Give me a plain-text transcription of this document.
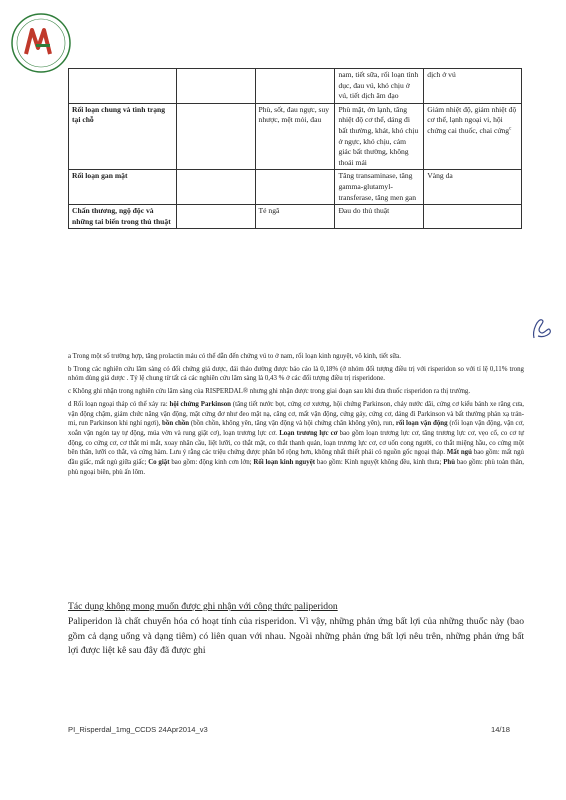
			nam, tiết sữa, rối loạn tình dục, đau vú, khó chịu ở vú, tiết dịch âm đạo	dịch ở vú
Rối loạn chung và tình trạng tại chỗ		Phù, sốt, đau ngực, suy nhược, mệt mỏi, đau	Phù mặt, ớn lạnh, tăng nhiệt độ cơ thể, dáng đi bất thường, khát, khó chịu ở ngực, khó chịu, cảm giác bất thường, không thoải mái	Giảm nhiệt độ, giảm nhiệt độ cơ thể, lạnh ngoại vi, hội chứng cai thuốc, chai cứng$^c$
Rối loạn gan mật			Tăng transaminase, tăng gamma-glutamyl-transferase, tăng men gan	Vàng da
Chấn thương, ngộ độc và những tai biến trong thủ thuật		Té ngã	Đau do thủ thuật	

a Trong một số trường hợp, tăng prolactin máu có thể dẫn đến chứng vú to ở nam, rối loạn kinh nguyệt, vô kinh, tiết sữa.

b Trong các nghiên cứu lâm sàng có đối chứng giả dược, đái tháo đường được báo cáo là 0,18% (ở nhóm đối tượng điều trị với risperidon so với tỉ lệ 0,11% trong nhóm dùng giả dược . Tỷ lệ chung từ tất cả các nghiên cứu lâm sàng là 0,43 % ở các đối tượng điều trị risperidone.

c Không ghi nhận trong nghiên cứu lâm sàng của RISPERDAL® nhưng ghi nhận được trong giai đoạn sau khi đưa thuốc risperidon ra thị trường.

d Rối loạn ngoại tháp có thể xảy ra: hội chứng Parkinson (tăng tiết nước bọt, cứng cơ xương, hội chứng Parkinson, chảy nước dãi, cứng cơ kiểu bánh xe răng cưa, vận động chậm, giảm chức năng vận động, mặt cứng đơ như đeo mặt nạ, căng cơ, mất vận động, cứng gáy, cứng cơ, dáng đi Parkinson và bất thường phản xạ trán-mi, run Parkinson khi nghỉ ngơi), bồn chồn (bồn chồn, không yên, tăng vận động và hội chứng chân không yên), run, rối loạn vận động (rối loạn vận động, vặn cơ, xoắn vặn ngón tay tự động, múa vờn và rung giật cơ), loạn trương lực cơ. Loạn trương lực cơ bao gồm loạn trương lực cơ, tăng trương lực cơ, vẹo cổ, co cơ tự động, co cứng cơ, cơ thắt mi mắt, xoay nhãn cầu, liệt lưỡi, co thắt mặt, co thắt thanh quản, loạn trương lực cơ, cơ uốn cong người, co thắt miệng hầu, co cứng một bên thân, lưỡi co thắt, và cứng hàm. Lưu ý rằng các triệu chứng được phân bổ rộng hơn, không nhất thiết phải có nguồn gốc ngoại tháp. Mất ngủ bao gồm: mất ngủ đầu giấc, mất ngủ giữa giấc; Co giật bao gồm: động kinh cơn lớn; Rối loạn kinh nguyệt bao gồm: Kinh nguyệt không đều, kinh thưa; Phù bao gồm: phù toàn thân, phù ngoại biên, phù ấn lõm.

Tác dụng không mong muốn được ghi nhận với công thức paliperidon
Paliperidon là chất chuyển hóa có hoạt tính của risperidon. Vì vậy, những phản ứng bất lợi của những thuốc này (bao gồm cả dạng uống và dạng tiêm) có liên quan với nhau. Ngoài những phản ứng bất lợi nêu trên, những phản ứng bất lợi được liệt kê sau đây đã được ghi
PI_Risperdal_1mg_CCDS 24Apr2014_v3	14/18
